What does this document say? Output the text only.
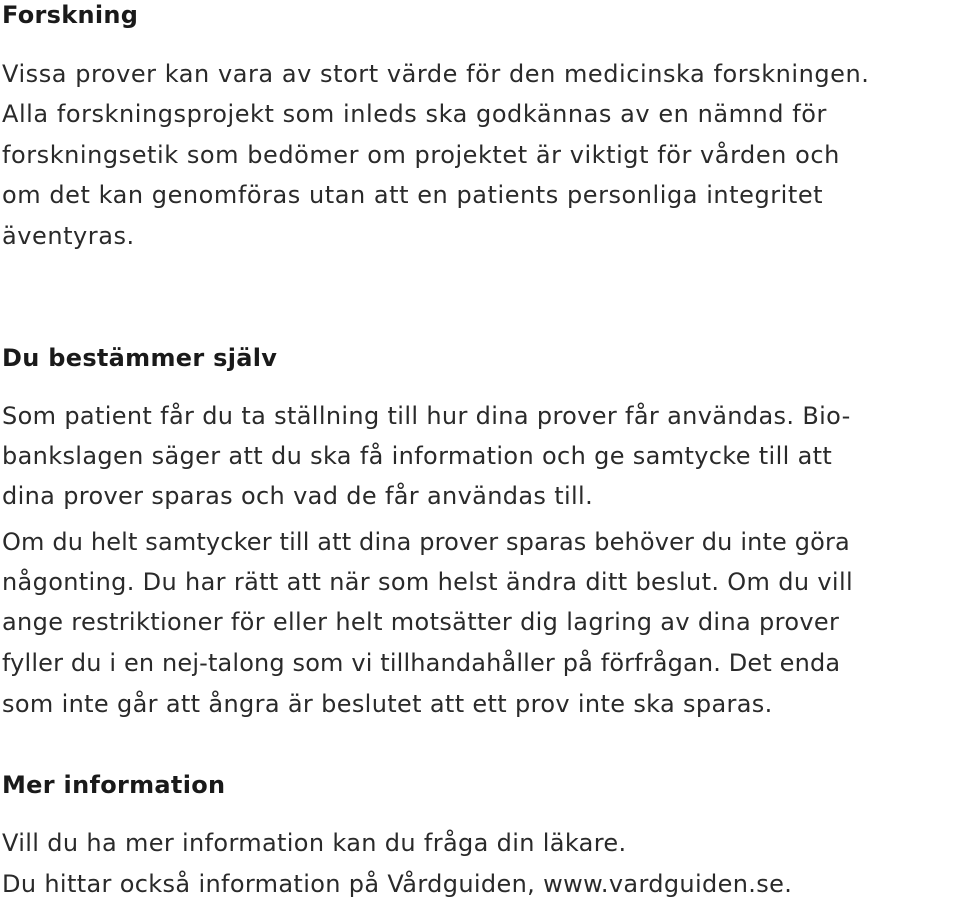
Forskning

Vissa prover kan vara av stort värde för den medicinska forskningen.

Alla forskningsprojekt som inleds ska godkännas av en nämnd för

forskningsetik som bedömer om projektet är viktigt för vården och

om det kan genomföras utan att en patients personliga integritet

äventyras.

Du bestämmer själv

Som patient får du ta ställning till hur dina prover får användas. Bio-

bankslagen säger att du ska få information och ge samtycke till att

dina prover sparas och vad de får användas till.

Om du helt samtycker till att dina prover sparas behöver du inte göra

någonting. Du har rätt att när som helst ändra ditt beslut. Om du vill

ange restriktioner för eller helt motsätter dig lagring av dina prover

fyller du i en nej-talong som vi tillhandahåller på förfrågan. Det enda

som inte går att ångra är beslutet att ett prov inte ska sparas.

Mer information

Vill du ha mer information kan du fråga din läkare.

Du hittar också information på Vårdguiden, www.vardguiden.se.
